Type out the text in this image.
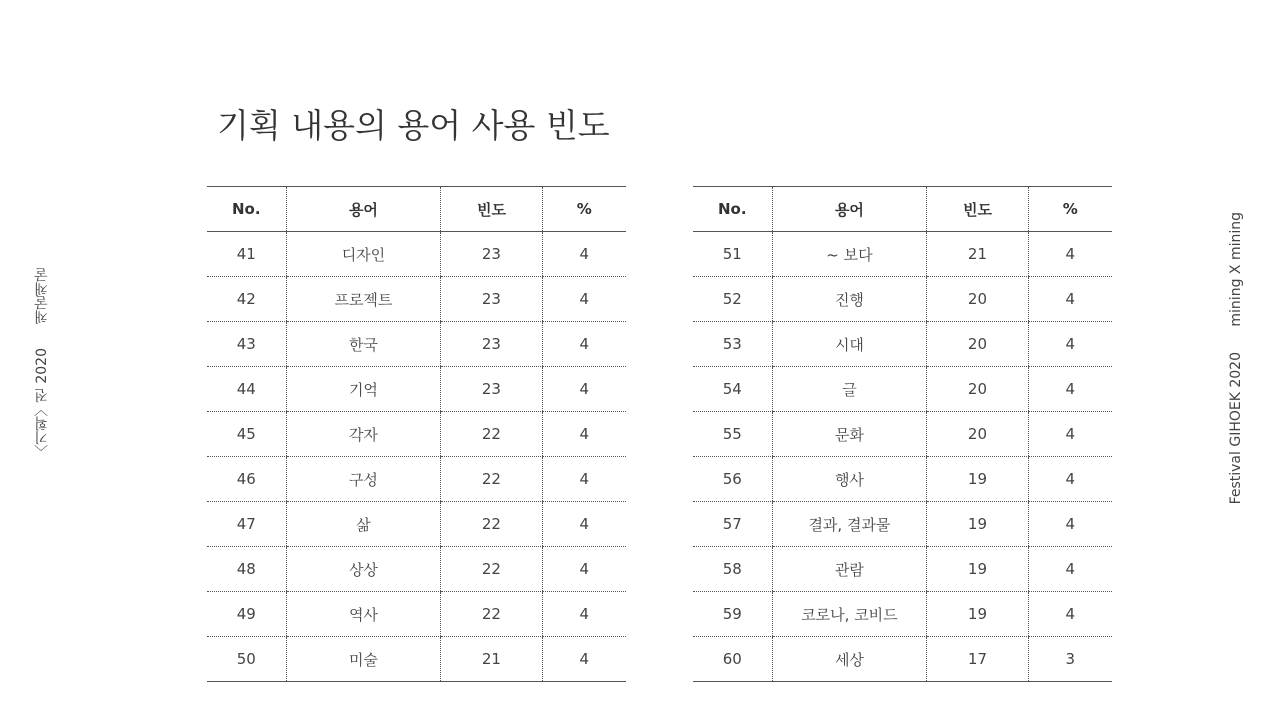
기획 내용의 용어 사용 빈도
〈기획〉전 2020
채굴채굴
Festival GIHOEK 2020
mining X mining
No.	용어	빈도	%
41	디자인	23	4
42	프로젝트	23	4
43	한국	23	4
44	기억	23	4
45	각자	22	4
46	구성	22	4
47	삶	22	4
48	상상	22	4
49	역사	22	4
50	미술	21	4
No.	용어	빈도	%
51	~ 보다	21	4
52	진행	20	4
53	시대	20	4
54	글	20	4
55	문화	20	4
56	행사	19	4
57	결과, 결과물	19	4
58	관람	19	4
59	코로나, 코비드	19	4
60	세상	17	3
